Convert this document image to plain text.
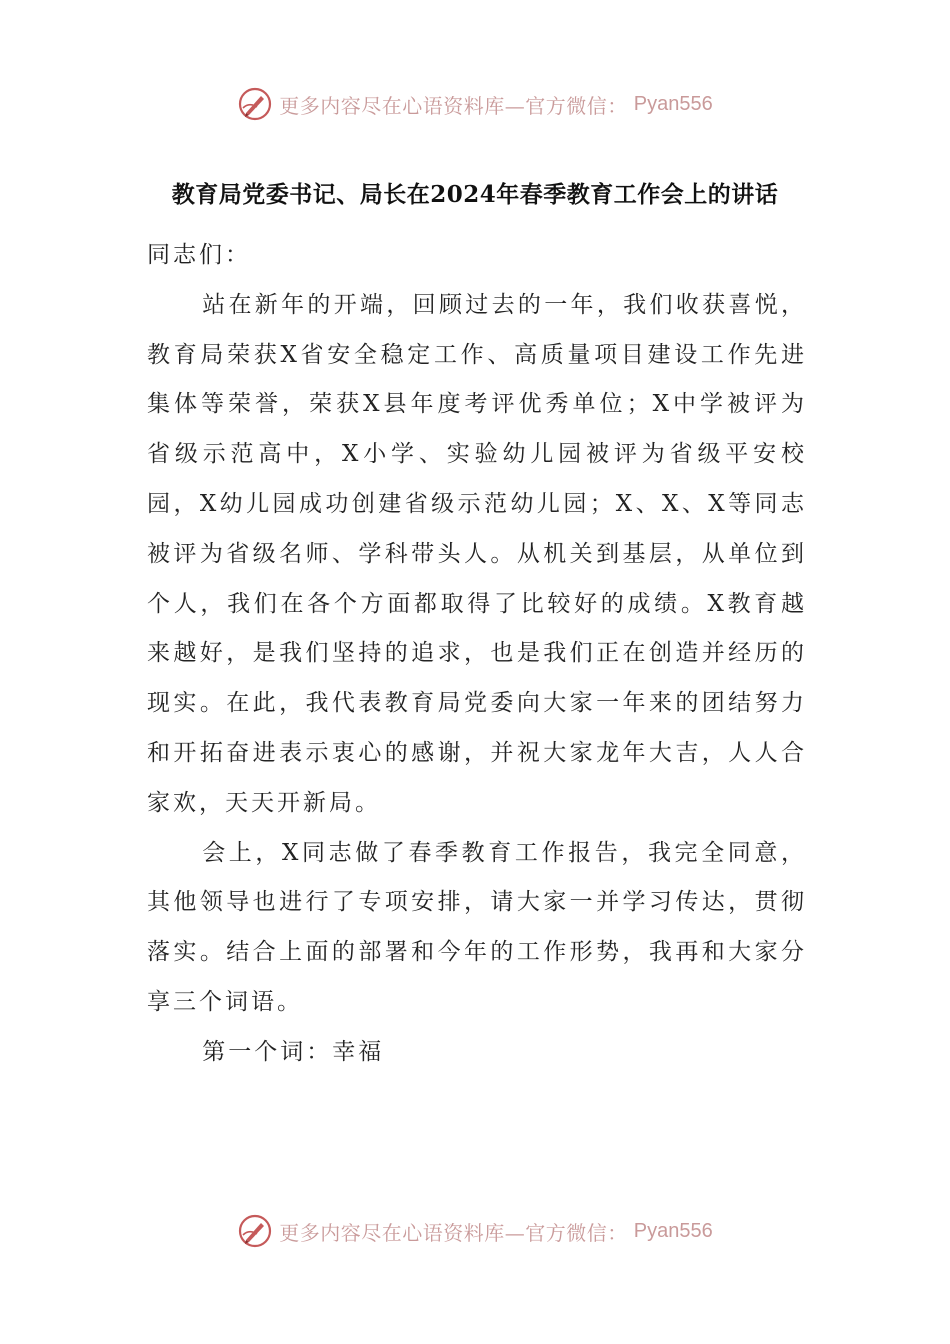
更多内容尽在心语资料库—官方微信： Pyan556
教育局党委书记、局长在2024年春季教育工作会上的讲话

同志们：

站在新年的开端，回顾过去的一年，我们收获喜悦，教育局荣获X省安全稳定工作、高质量项目建设工作先进集体等荣誉，荣获X县年度考评优秀单位；X中学被评为省级示范高中，X小学、实验幼儿园被评为省级平安校园，X幼儿园成功创建省级示范幼儿园；X、X、X等同志被评为省级名师、学科带头人。从机关到基层，从单位到个人，我们在各个方面都取得了比较好的成绩。X教育越来越好，是我们坚持的追求，也是我们正在创造并经历的现实。在此，我代表教育局党委向大家一年来的团结努力和开拓奋进表示衷心的感谢，并祝大家龙年大吉，人人合家欢，天天开新局。

会上，X同志做了春季教育工作报告，我完全同意，其他领导也进行了专项安排，请大家一并学习传达，贯彻落实。结合上面的部署和今年的工作形势，我再和大家分享三个词语。

第一个词：幸福

更多内容尽在心语资料库—官方微信： Pyan556
